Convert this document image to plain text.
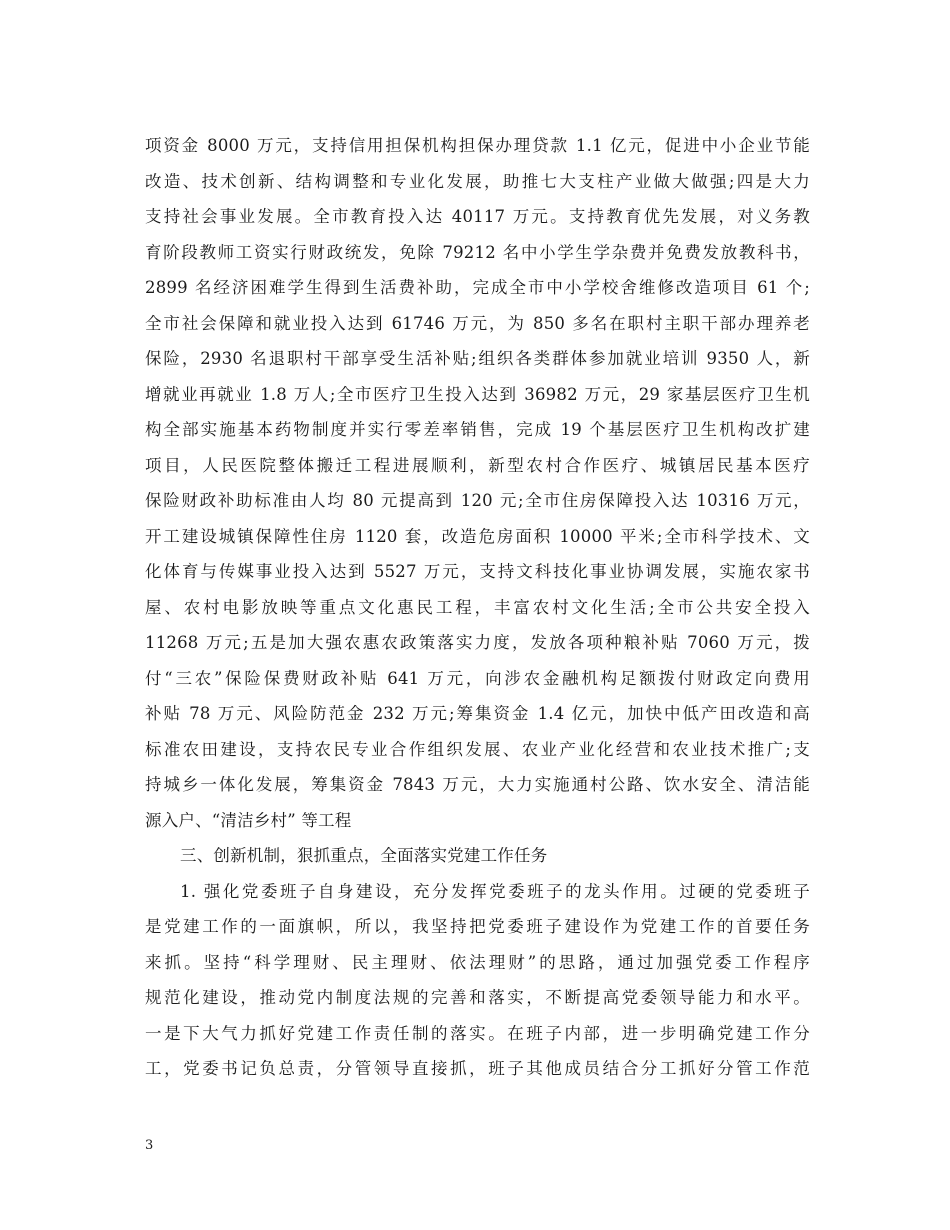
项资金 8000 万元，支持信用担保机构担保办理贷款 1.1 亿元，促进中小企业节能
改造、技术创新、结构调整和专业化发展，助推七大支柱产业做大做强;四是大力
支持社会事业发展。全市教育投入达 40117 万元。支持教育优先发展，对义务教
育阶段教师工资实行财政统发，免除 79212 名中小学生学杂费并免费发放教科书，
2899 名经济困难学生得到生活费补助，完成全市中小学校舍维修改造项目 61 个;
全市社会保障和就业投入达到 61746 万元，为 850 多名在职村主职干部办理养老
保险，2930 名退职村干部享受生活补贴;组织各类群体参加就业培训 9350 人，新
增就业再就业 1.8 万人;全市医疗卫生投入达到 36982 万元，29 家基层医疗卫生机
构全部实施基本药物制度并实行零差率销售，完成 19 个基层医疗卫生机构改扩建
项目，人民医院整体搬迁工程进展顺利，新型农村合作医疗、城镇居民基本医疗
保险财政补助标准由人均 80 元提高到 120 元;全市住房保障投入达 10316 万元，
开工建设城镇保障性住房 1120 套，改造危房面积 10000 平米;全市科学技术、文
化体育与传媒事业投入达到 5527 万元，支持文科技化事业协调发展，实施农家书
屋、农村电影放映等重点文化惠民工程，丰富农村文化生活;全市公共安全投入
11268 万元;五是加大强农惠农政策落实力度，发放各项种粮补贴 7060 万元，拨
付“三农”保险保费财政补贴 641 万元，向涉农金融机构足额拨付财政定向费用
补贴 78 万元、风险防范金 232 万元;筹集资金 1.4 亿元，加快中低产田改造和高
标准农田建设，支持农民专业合作组织发展、农业产业化经营和农业技术推广;支
持城乡一体化发展，筹集资金 7843 万元，大力实施通村公路、饮水安全、清洁能
源入户、“清洁乡村” 等工程
三、创新机制，狠抓重点，全面落实党建工作任务
1. 强化党委班子自身建设，充分发挥党委班子的龙头作用。过硬的党委班子
是党建工作的一面旗帜，所以，我坚持把党委班子建设作为党建工作的首要任务
来抓。坚持“科学理财、民主理财、依法理财”的思路，通过加强党委工作程序
规范化建设，推动党内制度法规的完善和落实，不断提高党委领导能力和水平。
一是下大气力抓好党建工作责任制的落实。在班子内部，进一步明确党建工作分
工，党委书记负总责，分管领导直接抓，班子其他成员结合分工抓好分管工作范
3
